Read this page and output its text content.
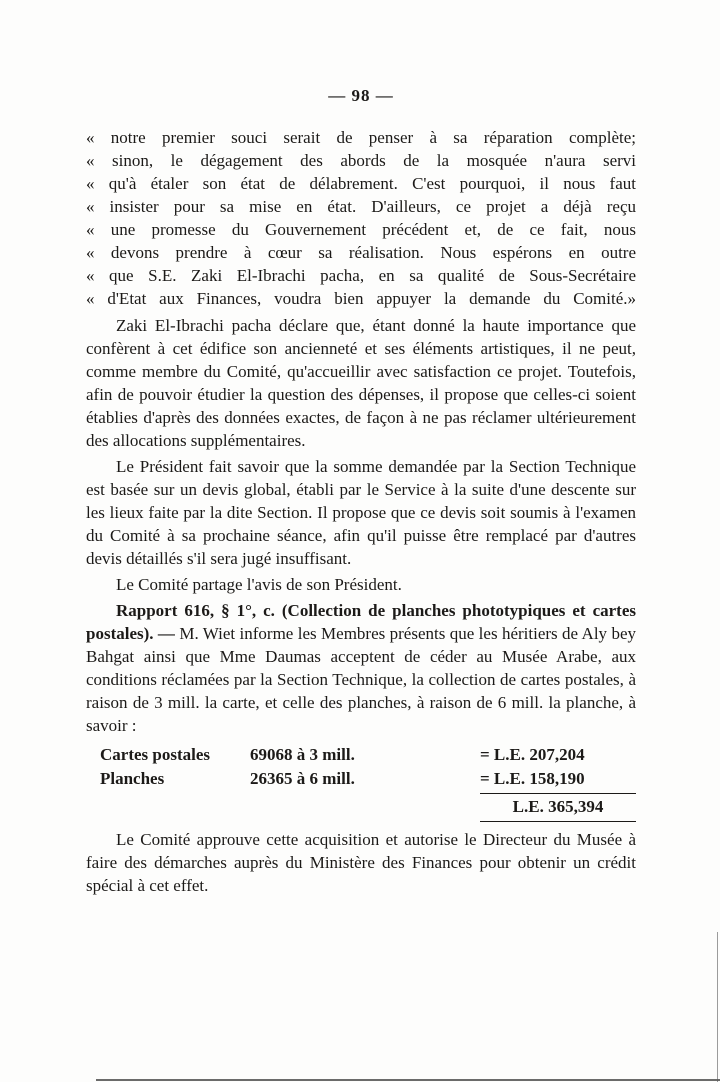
— 98 —
« notre premier souci serait de penser à sa réparation complète;
« sinon, le dégagement des abords de la mosquée n'aura servi
« qu'à étaler son état de délabrement. C'est pourquoi, il nous faut
« insister pour sa mise en état. D'ailleurs, ce projet a déjà reçu
« une promesse du Gouvernement précédent et, de ce fait, nous
« devons prendre à cœur sa réalisation. Nous espérons en outre
« que S.E. Zaki El-Ibrachi pacha, en sa qualité de Sous-Secrétaire
« d'Etat aux Finances, voudra bien appuyer la demande du Comité.»

Zaki El-Ibrachi pacha déclare que, étant donné la haute importance que confèrent à cet édifice son ancienneté et ses éléments artistiques, il ne peut, comme membre du Comité, qu'accueillir avec satisfaction ce projet. Toutefois, afin de pouvoir étudier la question des dépenses, il propose que celles-ci soient établies d'après des données exactes, de façon à ne pas réclamer ultérieurement des allocations supplémentaires.

Le Président fait savoir que la somme demandée par la Section Technique est basée sur un devis global, établi par le Service à la suite d'une descente sur les lieux faite par la dite Section. Il propose que ce devis soit soumis à l'examen du Comité à sa prochaine séance, afin qu'il puisse être remplacé par d'autres devis détaillés s'il sera jugé insuffisant.

Le Comité partage l'avis de son Président.

Rapport 616, § 1°, c. (Collection de planches phototypiques et cartes postales). — M. Wiet informe les Membres présents que les héritiers de Aly bey Bahgat ainsi que Mme Daumas acceptent de céder au Musée Arabe, aux conditions réclamées par la Section Technique, la collection de cartes postales, à raison de 3 mill. la carte, et celle des planches, à raison de 6 mill. la planche, à savoir :

Cartes postales	69068 à 3 mill.	= L.E. 207,204
Planches	26365 à 6 mill.	= L.E. 158,190
L.E. 365,394

Le Comité approuve cette acquisition et autorise le Directeur du Musée à faire des démarches auprès du Ministère des Finances pour obtenir un crédit spécial à cet effet.
